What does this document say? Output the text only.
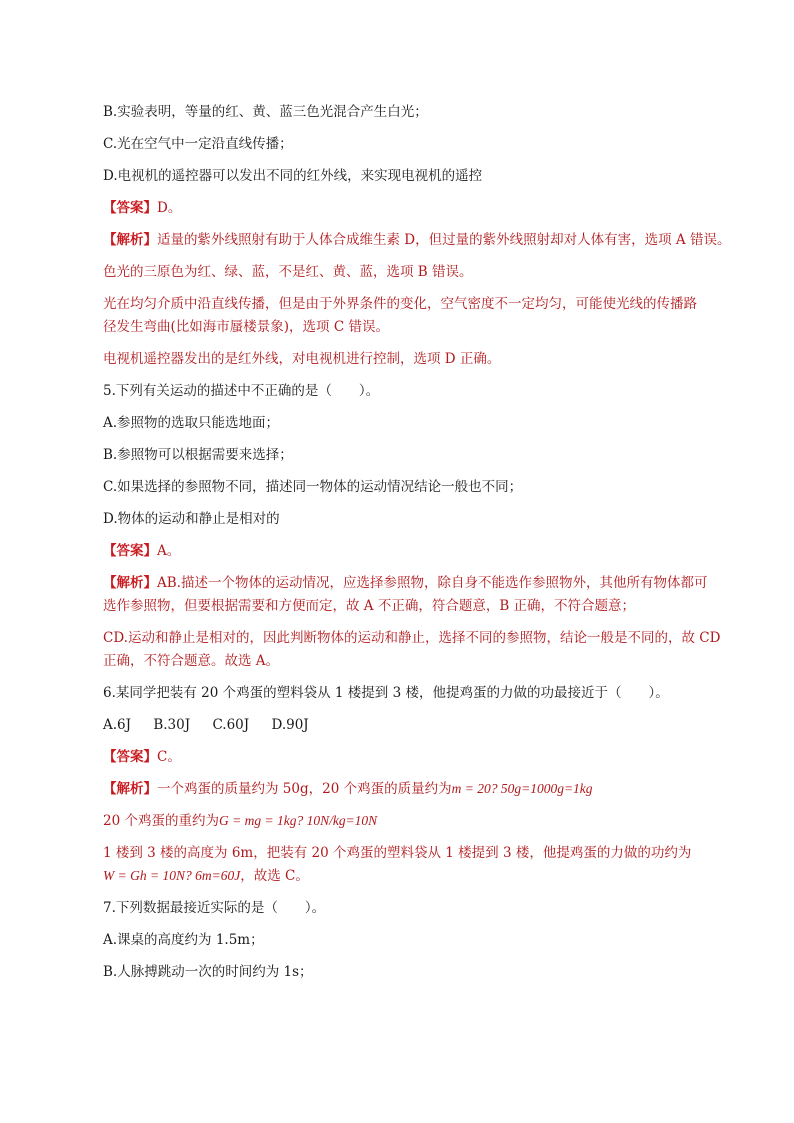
B.实验表明，等量的红、黄、蓝三色光混合产生白光；
C.光在空气中一定沿直线传播；
D.电视机的遥控器可以发出不同的红外线，来实现电视机的遥控
【答案】D。
【解析】适量的紫外线照射有助于人体合成维生素 D，但过量的紫外线照射却对人体有害，选项 A 错误。
色光的三原色为红、绿、蓝，不是红、黄、蓝，选项 B 错误。
光在均匀介质中沿直线传播，但是由于外界条件的变化，空气密度不一定均匀，可能使光线的传播路
径发生弯曲(比如海市蜃楼景象)，选项 C 错误。
电视机遥控器发出的是红外线，对电视机进行控制，选项 D 正确。
5.下列有关运动的描述中不正确的是（　　）。
A.参照物的选取只能选地面；
B.参照物可以根据需要来选择；
C.如果选择的参照物不同，描述同一物体的运动情况结论一般也不同；
D.物体的运动和静止是相对的
【答案】A。
【解析】AB.描述一个物体的运动情况，应选择参照物，除自身不能选作参照物外，其他所有物体都可
选作参照物，但要根据需要和方便而定，故 A 不正确，符合题意，B 正确，不符合题意；
CD.运动和静止是相对的，因此判断物体的运动和静止，选择不同的参照物，结论一般是不同的，故 CD
正确，不符合题意。故选 A。
6.某同学把装有 20 个鸡蛋的塑料袋从 1 楼提到 3 楼，他提鸡蛋的力做的功最接近于（　　）。
A.6J B.30J C.60J D.90J
【答案】C。
【解析】一个鸡蛋的质量约为 50g，20 个鸡蛋的质量约为m = 20? 50g=1000g=1kg
20 个鸡蛋的重约为G = mg = 1kg? 10N/kg=10N
1 楼到 3 楼的高度为 6m，把装有 20 个鸡蛋的塑料袋从 1 楼提到 3 楼，他提鸡蛋的力做的功约为
W = Gh = 10N? 6m=60J，故选 C。
7.下列数据最接近实际的是（　　）。
A.课桌的高度约为 1.5m；
B.人脉搏跳动一次的时间约为 1s；
